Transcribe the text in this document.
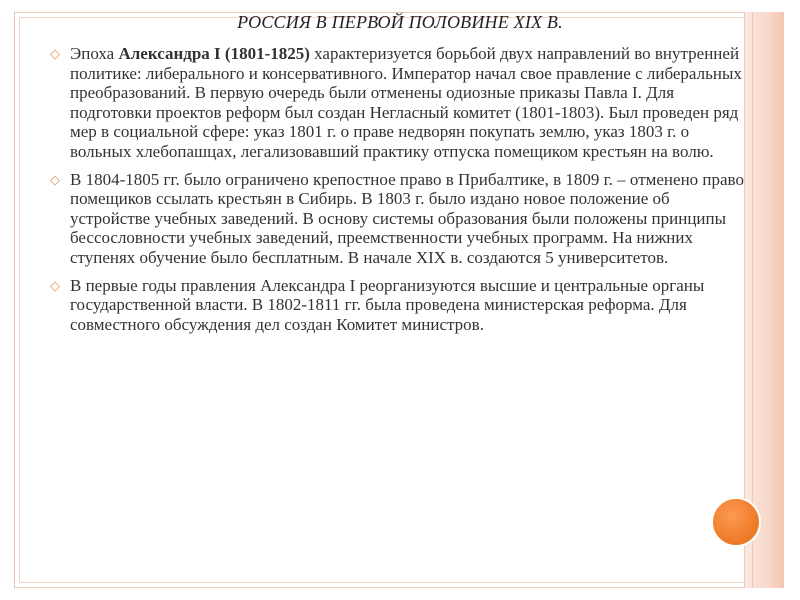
РОССИЯ В ПЕРВОЙ ПОЛОВИНЕ XIX В.
◇ Эпоха Александра I (1801-1825) характеризуется борьбой двух направлений во внутренней политике: либерального и консервативного. Император начал свое правление с либеральных преобразований. В первую очередь были отменены одиозные приказы Павла I. Для подготовки проектов реформ был создан Негласный комитет (1801-1803). Был проведен ряд мер в социальной сфере: указ 1801 г. о праве недворян покупать землю, указ 1803 г. о вольных хлебопашцах, легализовавший практику отпуска помещиком крестьян на волю.
◇ В 1804-1805 гг. было ограничено крепостное право в Прибалтике, в 1809 г. – отменено право помещиков ссылать крестьян в Сибирь. В 1803 г. было издано новое положение об устройстве учебных заведений. В основу системы образования были положены принципы бессословности учебных заведений, преемственности учебных программ. На нижних ступенях обучение было бесплатным. В начале XIX в. создаются 5 университетов.
◇ В первые годы правления Александра I реорганизуются высшие и центральные органы государственной власти. В 1802-1811 гг. была проведена министерская реформа. Для совместного обсуждения дел создан Комитет министров.
